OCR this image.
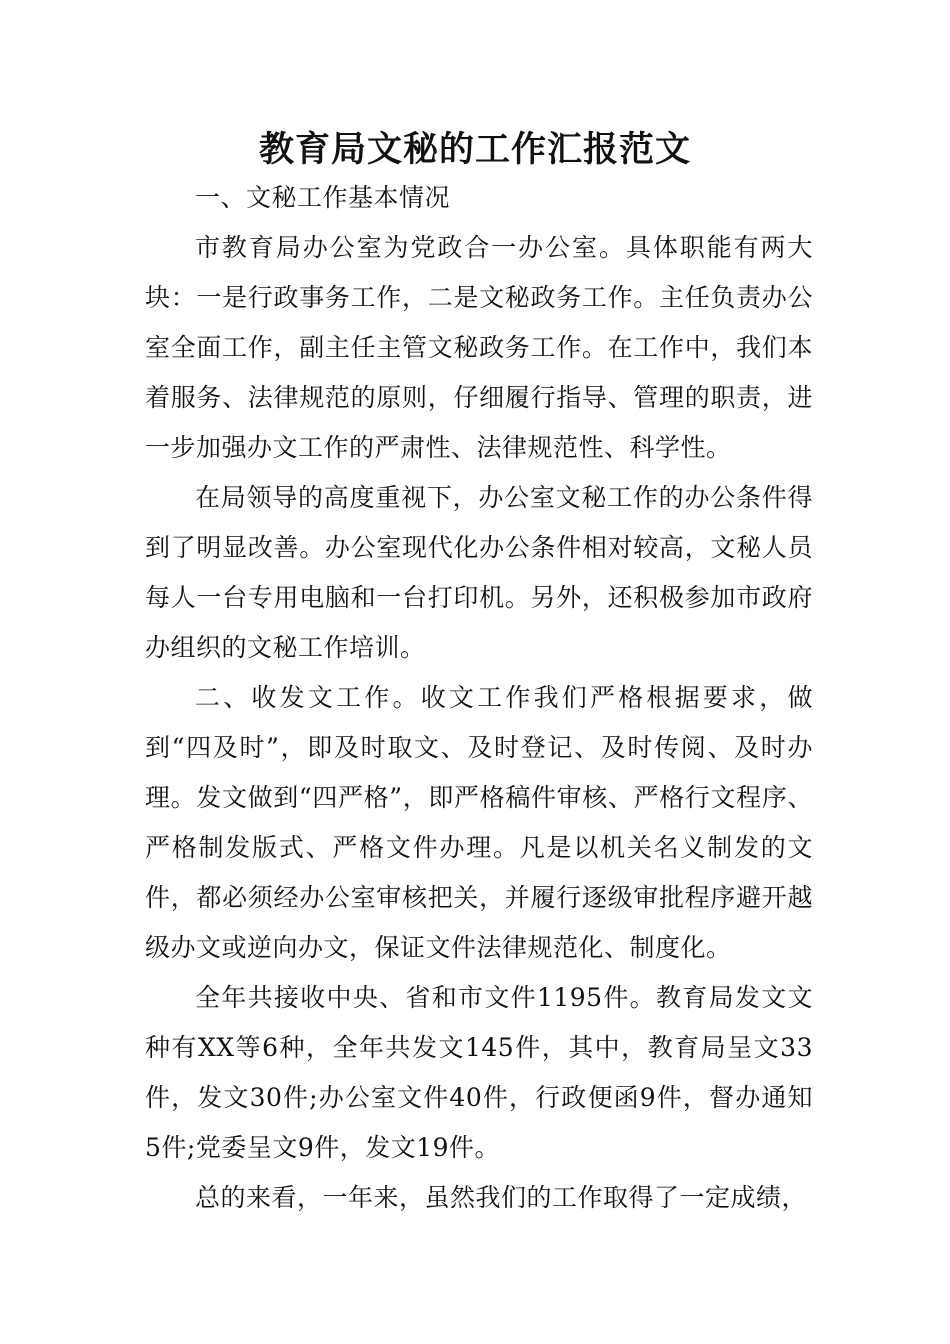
教育局文秘的工作汇报范文

一、文秘工作基本情况

市教育局办公室为党政合一办公室。具体职能有两大块：一是行政事务工作，二是文秘政务工作。主任负责办公室全面工作，副主任主管文秘政务工作。在工作中，我们本着服务、法律规范的原则，仔细履行指导、管理的职责，进一步加强办文工作的严肃性、法律规范性、科学性。

在局领导的高度重视下，办公室文秘工作的办公条件得到了明显改善。办公室现代化办公条件相对较高，文秘人员每人一台专用电脑和一台打印机。另外，还积极参加市政府办组织的文秘工作培训。

二、收发文工作。收文工作我们严格根据要求，做到“四及时”，即及时取文、及时登记、及时传阅、及时办理。发文做到“四严格”，即严格稿件审核、严格行文程序、严格制发版式、严格文件办理。凡是以机关名义制发的文件，都必须经办公室审核把关，并履行逐级审批程序避开越级办文或逆向办文，保证文件法律规范化、制度化。

全年共接收中央、省和市文件1195件。教育局发文文种有XX等6种，全年共发文145件，其中，教育局呈文33件，发文30件;办公室文件40件，行政便函9件，督办通知5件;党委呈文9件，发文19件。

总的来看，一年来，虽然我们的工作取得了一定成绩，
